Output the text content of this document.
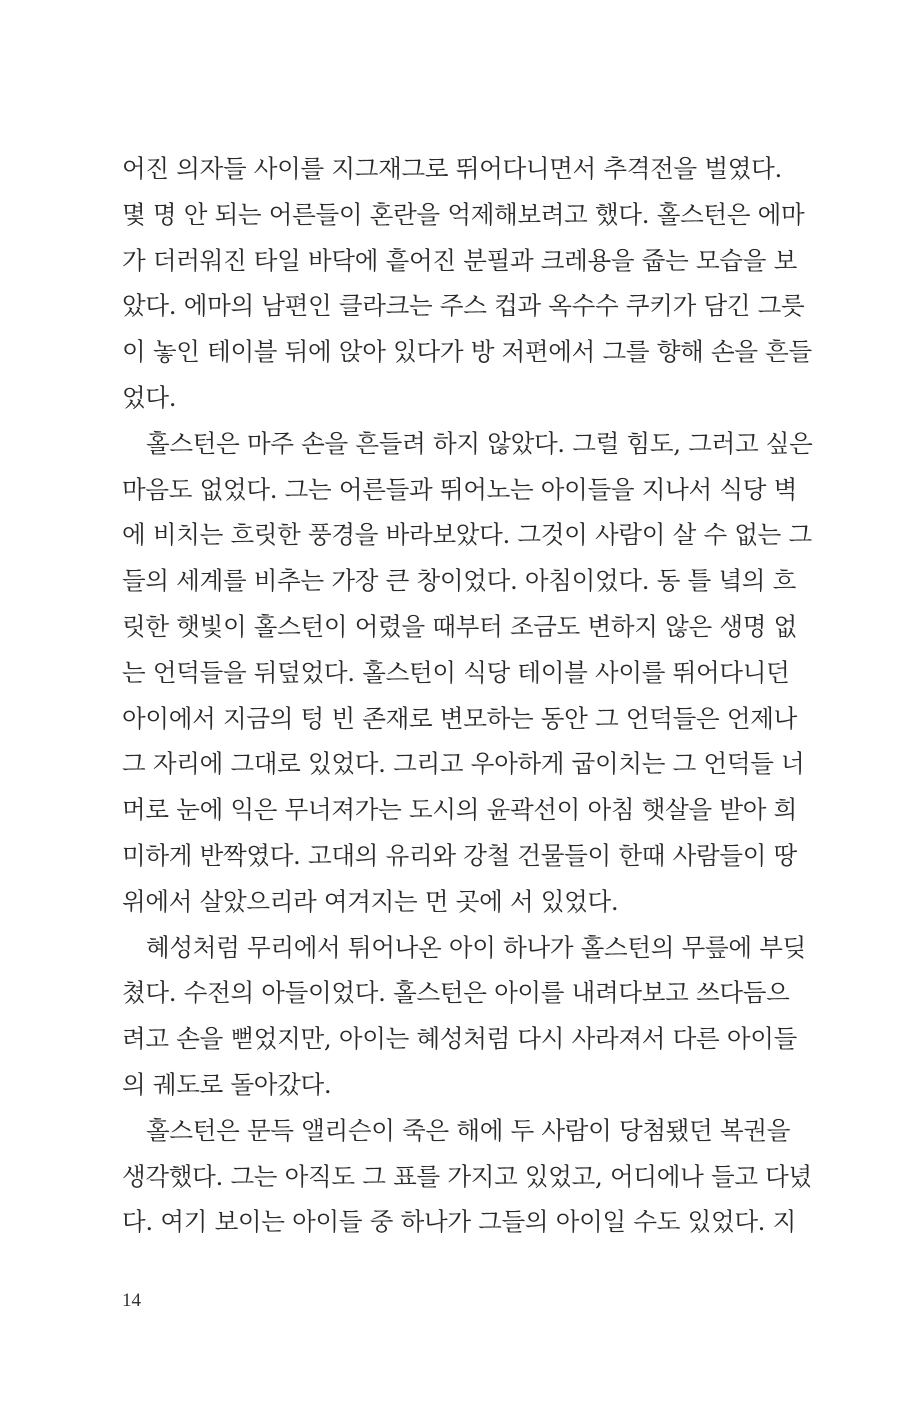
어진 의자들 사이를 지그재그로 뛰어다니면서 추격전을 벌였다.
몇 명 안 되는 어른들이 혼란을 억제해보려고 했다. 홀스턴은 에마
가 더러워진 타일 바닥에 흩어진 분필과 크레용을 줍는 모습을 보
았다. 에마의 남편인 클라크는 주스 컵과 옥수수 쿠키가 담긴 그릇
이 놓인 테이블 뒤에 앉아 있다가 방 저편에서 그를 향해 손을 흔들
었다.
홀스턴은 마주 손을 흔들려 하지 않았다. 그럴 힘도, 그러고 싶은
마음도 없었다. 그는 어른들과 뛰어노는 아이들을 지나서 식당 벽
에 비치는 흐릿한 풍경을 바라보았다. 그것이 사람이 살 수 없는 그
들의 세계를 비추는 가장 큰 창이었다. 아침이었다. 동 틀 녘의 흐
릿한 햇빛이 홀스턴이 어렸을 때부터 조금도 변하지 않은 생명 없
는 언덕들을 뒤덮었다. 홀스턴이 식당 테이블 사이를 뛰어다니던
아이에서 지금의 텅 빈 존재로 변모하는 동안 그 언덕들은 언제나
그 자리에 그대로 있었다. 그리고 우아하게 굽이치는 그 언덕들 너
머로 눈에 익은 무너져가는 도시의 윤곽선이 아침 햇살을 받아 희
미하게 반짝였다. 고대의 유리와 강철 건물들이 한때 사람들이 땅
위에서 살았으리라 여겨지는 먼 곳에 서 있었다.
혜성처럼 무리에서 튀어나온 아이 하나가 홀스턴의 무릎에 부딪
쳤다. 수전의 아들이었다. 홀스턴은 아이를 내려다보고 쓰다듬으
려고 손을 뻗었지만, 아이는 혜성처럼 다시 사라져서 다른 아이들
의 궤도로 돌아갔다.
홀스턴은 문득 앨리슨이 죽은 해에 두 사람이 당첨됐던 복권을
생각했다. 그는 아직도 그 표를 가지고 있었고, 어디에나 들고 다녔
다. 여기 보이는 아이들 중 하나가 그들의 아이일 수도 있었다. 지
14
